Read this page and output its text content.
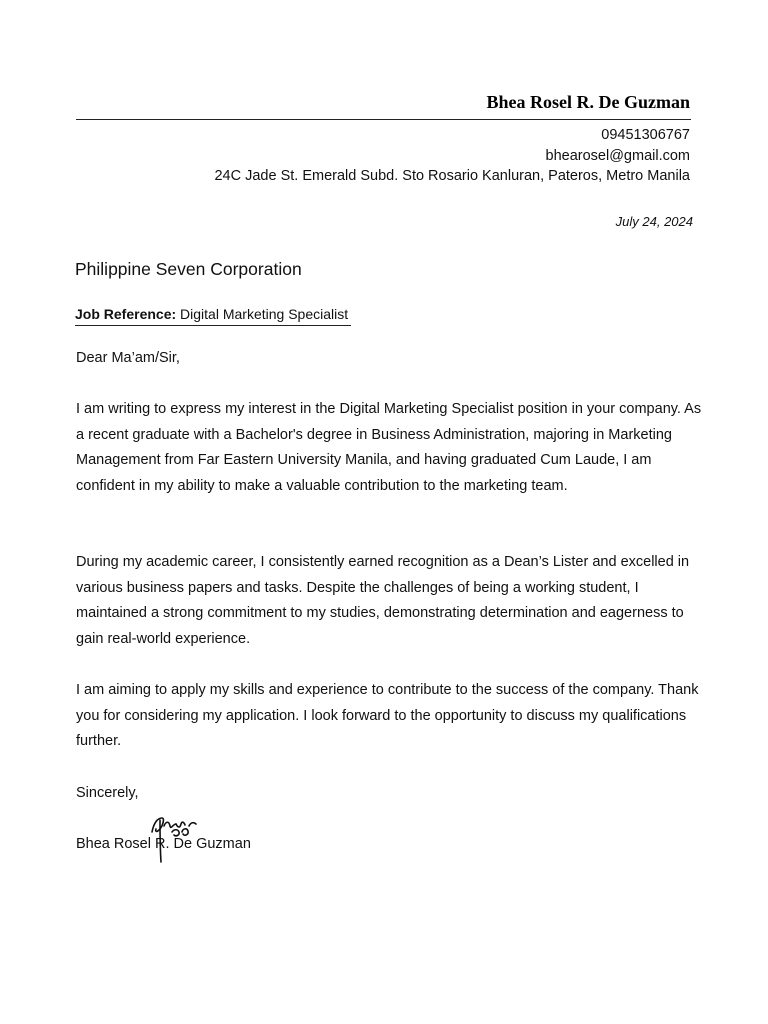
Bhea Rosel R. De Guzman
09451306767
bhearosel@gmail.com
24C Jade St. Emerald Subd. Sto Rosario Kanluran, Pateros, Metro Manila
July 24, 2024
Philippine Seven Corporation
Job Reference: Digital Marketing Specialist
Dear Ma’am/Sir,
I am writing to express my interest in the Digital Marketing Specialist position in your company. As a recent graduate with a Bachelor's degree in Business Administration, majoring in Marketing Management from Far Eastern University Manila, and having graduated Cum Laude, I am confident in my ability to make a valuable contribution to the marketing team.
During my academic career, I consistently earned recognition as a Dean’s Lister and excelled in various business papers and tasks. Despite the challenges of being a working student, I maintained a strong commitment to my studies, demonstrating determination and eagerness to gain real-world experience.
I am aiming to apply my skills and experience to contribute to the success of the company. Thank you for considering my application. I look forward to the opportunity to discuss my qualifications further.
Sincerely,
Bhea Rosel R. De Guzman
